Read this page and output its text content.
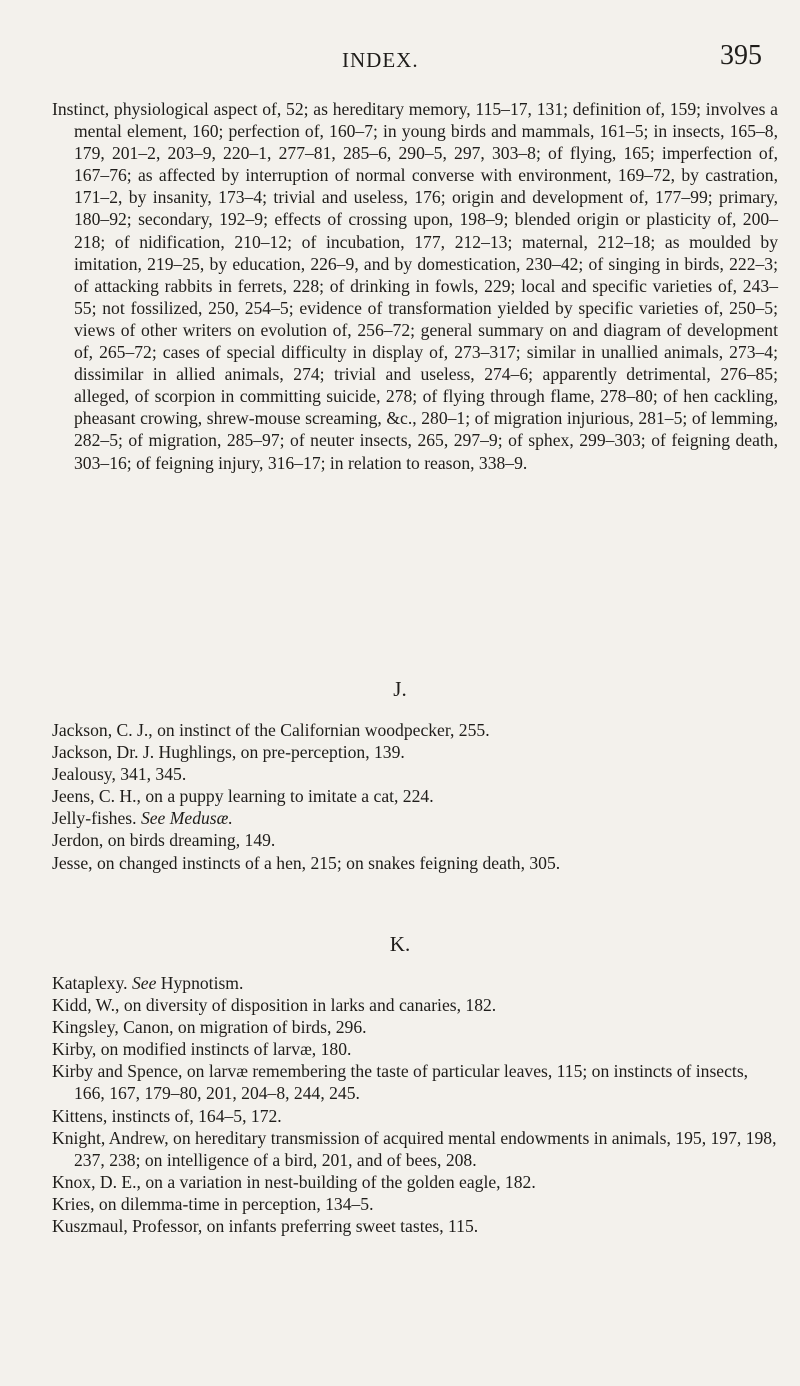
INDEX.	395

Instinct, physiological aspect of, 52; as hereditary memory, 115–17, 131; definition of, 159; involves a mental element, 160; perfection of, 160–7; in young birds and mammals, 161–5; in insects, 165–8, 179, 201–2, 203–9, 220–1, 277–81, 285–6, 290–5, 297, 303–8; of flying, 165; imperfection of, 167–76; as affected by interruption of normal converse with environment, 169–72, by castration, 171–2, by insanity, 173–4; trivial and useless, 176; origin and development of, 177–99; primary, 180–92; secondary, 192–9; effects of crossing upon, 198–9; blended origin or plasticity of, 200–218; of nidification, 210–12; of incubation, 177, 212–13; maternal, 212–18; as moulded by imitation, 219–25, by education, 226–9, and by domestication, 230–42; of singing in birds, 222–3; of attacking rabbits in ferrets, 228; of drinking in fowls, 229; local and specific varieties of, 243–55; not fossilized, 250, 254–5; evidence of transformation yielded by specific varieties of, 250–5; views of other writers on evolution of, 256–72; general summary on and diagram of development of, 265–72; cases of special difficulty in display of, 273–317; similar in unallied animals, 273–4; dissimilar in allied animals, 274; trivial and useless, 274–6; apparently detrimental, 276–85; alleged, of scorpion in committing suicide, 278; of flying through flame, 278–80; of hen cackling, pheasant crowing, shrew-mouse screaming, &c., 280–1; of migration injurious, 281–5; of lemming, 282–5; of migration, 285–97; of neuter insects, 265, 297–9; of sphex, 299–303; of feigning death, 303–16; of feigning injury, 316–17; in relation to reason, 338–9.

J.

Jackson, C. J., on instinct of the Californian woodpecker, 255.

Jackson, Dr. J. Hughlings, on pre-perception, 139.

Jealousy, 341, 345.

Jeens, C. H., on a puppy learning to imitate a cat, 224.

Jelly-fishes. See Medusæ.

Jerdon, on birds dreaming, 149.

Jesse, on changed instincts of a hen, 215; on snakes feigning death, 305.

K.

Kataplexy. See Hypnotism.

Kidd, W., on diversity of disposition in larks and canaries, 182.

Kingsley, Canon, on migration of birds, 296.

Kirby, on modified instincts of larvæ, 180.

Kirby and Spence, on larvæ remembering the taste of particular leaves, 115; on instincts of insects, 166, 167, 179–80, 201, 204–8, 244, 245.

Kittens, instincts of, 164–5, 172.

Knight, Andrew, on hereditary transmission of acquired mental endowments in animals, 195, 197, 198, 237, 238; on intelligence of a bird, 201, and of bees, 208.

Knox, D. E., on a variation in nest-building of the golden eagle, 182.

Kries, on dilemma-time in perception, 134–5.

Kuszmaul, Professor, on infants preferring sweet tastes, 115.
